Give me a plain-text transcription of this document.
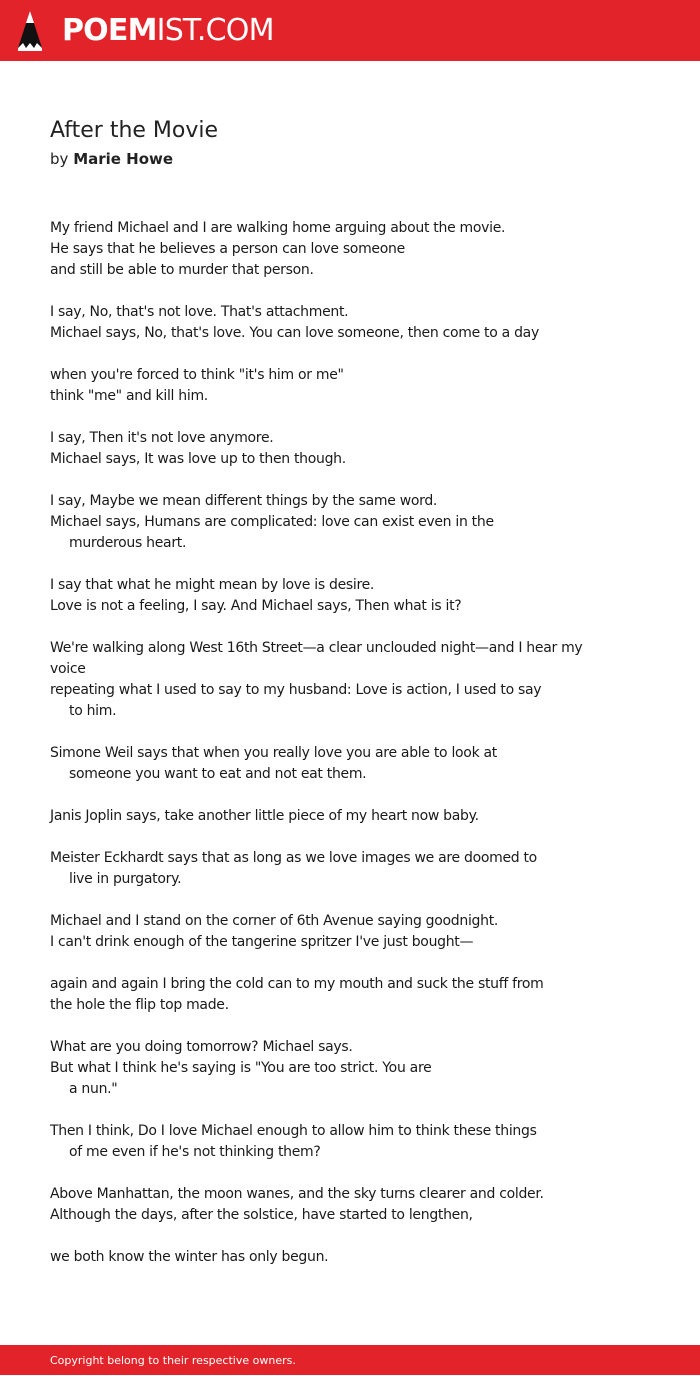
POEMIST.COM
After the Movie
by Marie Howe
My friend Michael and I are walking home arguing about the movie.
He says that he believes a person can love someone
and still be able to murder that person.
I say, No, that's not love. That's attachment.
Michael says, No, that's love. You can love someone, then come to a day
when you're forced to think "it's him or me"
think "me" and kill him.
I say, Then it's not love anymore.
Michael says, It was love up to then though.
I say, Maybe we mean different things by the same word.
Michael says, Humans are complicated: love can exist even in the
murderous heart.
I say that what he might mean by love is desire.
Love is not a feeling, I say. And Michael says, Then what is it?
We're walking along West 16th Street—a clear unclouded night—and I hear my voice
repeating what I used to say to my husband: Love is action, I used to say
to him.
Simone Weil says that when you really love you are able to look at
someone you want to eat and not eat them.
Janis Joplin says, take another little piece of my heart now baby.
Meister Eckhardt says that as long as we love images we are doomed to
live in purgatory.
Michael and I stand on the corner of 6th Avenue saying goodnight.
I can't drink enough of the tangerine spritzer I've just bought—
again and again I bring the cold can to my mouth and suck the stuff from
the hole the flip top made.
What are you doing tomorrow? Michael says.
But what I think he's saying is "You are too strict. You are
a nun."
Then I think, Do I love Michael enough to allow him to think these things
of me even if he's not thinking them?
Above Manhattan, the moon wanes, and the sky turns clearer and colder.
Although the days, after the solstice, have started to lengthen,
we both know the winter has only begun.
Copyright belong to their respective owners.
